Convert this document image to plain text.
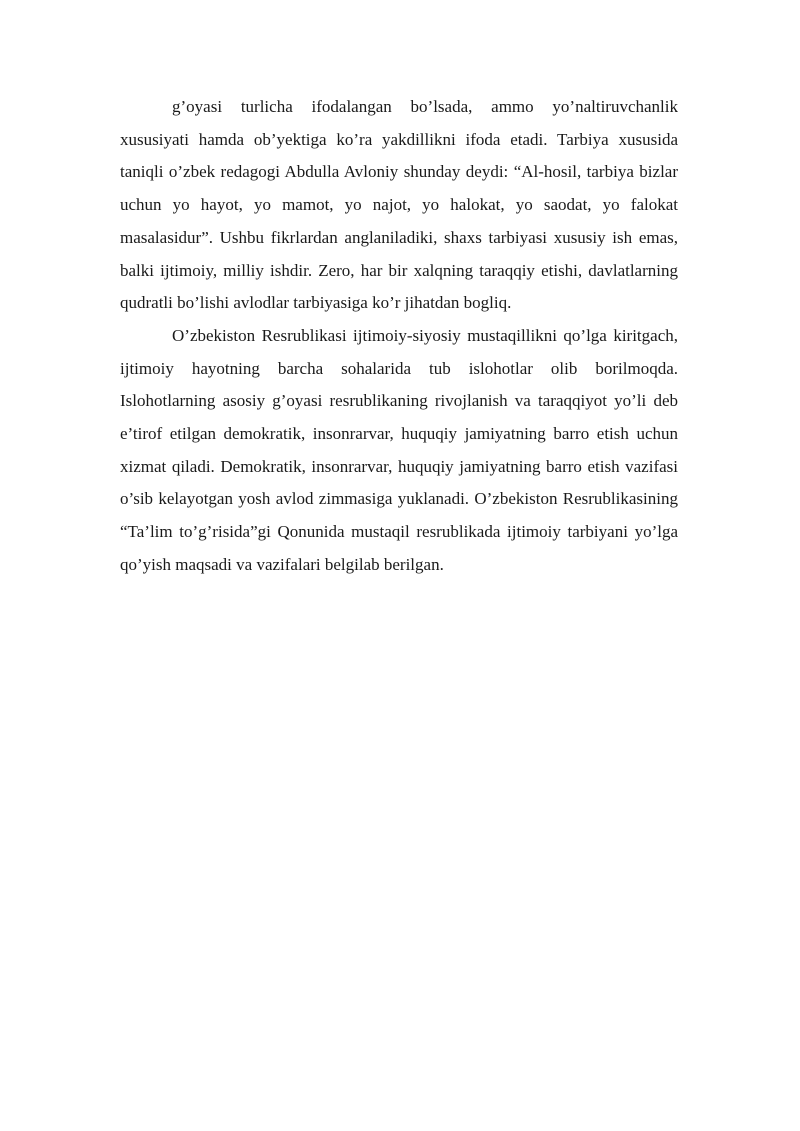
g’oyasi turlicha ifodalangan bo’lsada, ammo yo’naltiruvchanlik xususiyati hamda ob’yektiga ko’ra yakdillikni ifoda etadi. Tarbiya xususida taniqli o’zbek redagogi Abdulla Avloniy shunday deydi: “Al-hosil, tarbiya bizlar uchun yo hayot, yo mamot, yo najot, yo halokat, yo saodat, yo falokat masalasidur”. Ushbu fikrlardan anglaniladiki, shaxs tarbiyasi xususiy ish emas, balki ijtimoiy, milliy ishdir. Zero, har bir xalqning taraqqiy etishi, davlatlarning qudratli bo’lishi avlodlar tarbiyasiga ko’r jihatdan bogliq.

O’zbekiston Resrublikasi ijtimoiy-siyosiy mustaqillikni qo’lga kiritgach, ijtimoiy hayotning barcha sohalarida tub islohotlar olib borilmoqda. Islohotlarning asosiy g’oyasi resrublikaning rivojlanish va taraqqiyot yo’li deb e’tirof etilgan demokratik, insonrarvar, huquqiy jamiyatning barro etish uchun xizmat qiladi. Demokratik, insonrarvar, huquqiy jamiyatning barro etish vazifasi o’sib kelayotgan yosh avlod zimmasiga yuklanadi. O’zbekiston Resrublikasining “Ta’lim to’g’risida”gi Qonunida mustaqil resrublikada ijtimoiy tarbiyani yo’lga qo’yish maqsadi va vazifalari belgilab berilgan.
